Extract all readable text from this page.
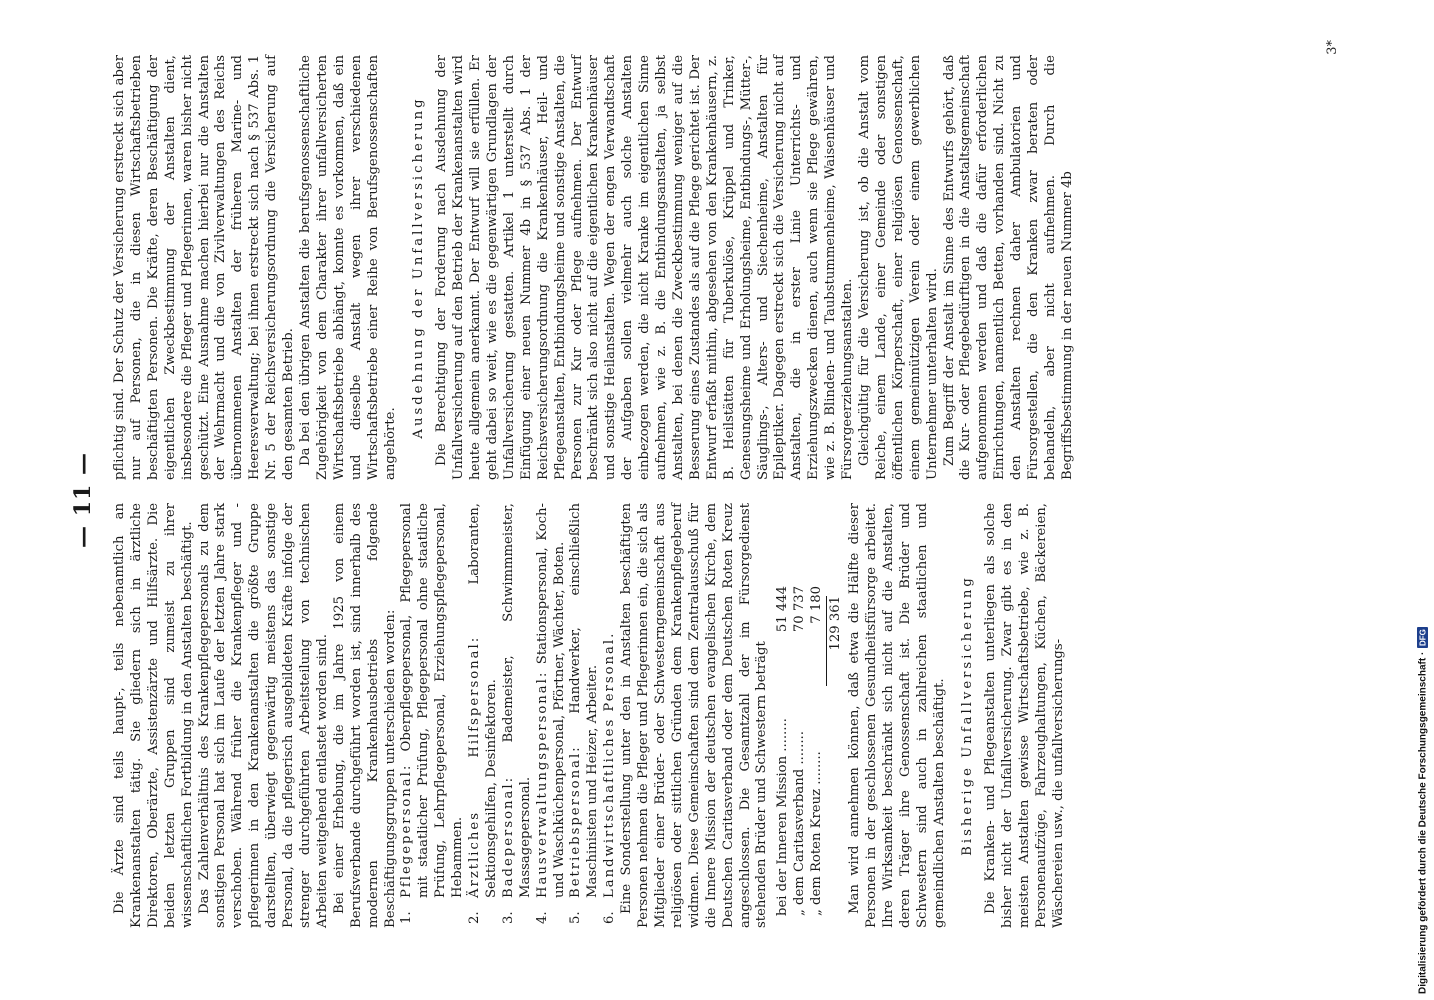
Digitalisierung gefördert durch die Deutsche Forschungsgemeinschaft ·
DFG
— 11 —

Die Ärzte sind teils haupt-, teils nebenamtlich an Krankenanstalten tätig. Sie gliedern sich in ärztliche Direktoren, Oberärzte, Assistenzärzte und Hilfsärzte. Die beiden letzten Gruppen sind zumeist zu ihrer wissenschaftlichen Fortbildung in den Anstalten beschäftigt. Das Zahlenverhältnis des Krankenpflegepersonals zu dem sonstigen Personal hat sich im Laufe der letzten Jahre stark verschoben. Während früher die Krankenpfleger und -pflegerinnen in den Krankenanstalten die größte Gruppe darstellten, überwiegt gegenwärtig meistens das sonstige Personal, da die pflegerisch ausgebildeten Kräfte infolge der strenger durchgeführten Arbeitsteilung von technischen Arbeiten weitgehend entlastet worden sind. Bei einer Erhebung, die im Jahre 1925 von einem Berufsverbande durchgeführt worden ist, sind innerhalb des modernen Krankenhausbetriebs folgende Beschäftigungsgruppen unterschieden worden: 1.
Pflegepersonal: Oberpflegepersonal, Pflegepersonal mit staatlicher Prüfung, Pflegepersonal ohne staatliche Prüfung, Lehrpflegepersonal, Erziehungspflegepersonal, Hebammen.
2.
Ärztliches Hilfspersonal: Laboranten, Sektionsgehilfen, Desinfektoren.
3.
Badepersonal: Bademeister, Schwimmmeister, Massagepersonal.
4.
Hausverwaltungspersonal: Stationspersonal, Koch- und Waschküchenpersonal, Pförtner, Wächter, Boten.
5.
Betriebspersonal: Handwerker, einschließlich Maschinisten und Heizer, Arbeiter.
6.
Landwirtschaftliches Personal. Eine Sonderstellung unter den in Anstalten beschäftigten Personen nehmen die Pfleger und Pflegerinnen ein, die sich als Mitglieder einer Brüder- oder Schwesterngemeinschaft aus religiösen oder sittlichen Gründen dem Krankenpflegeberuf widmen. Diese Gemeinschaften sind dem Zentralausschuß für die Innere Mission der deutschen evangelischen Kirche, dem Deutschen Caritasverband oder dem Deutschen Roten Kreuz angeschlossen. Die Gesamtzahl der im Fürsorgedienst stehenden Brüder und Schwestern beträgt bei der Inneren Mission ........
51 444
„ dem Caritasverband ........
70 737
„ dem Roten Kreuz ........
7 180 129 361 Man wird annehmen können, daß etwa die Hälfte dieser Personen in der geschlossenen Gesundheitsfürsorge arbeitet. Ihre Wirksamkeit beschränkt sich nicht auf die Anstalten, deren Träger ihre Genossenschaft ist. Die Brüder und Schwestern sind auch in zahlreichen staatlichen und gemeindlichen Anstalten beschäftigt. Bisherige Unfallversicherung Die Kranken- und Pflegeanstalten unterliegen als solche bisher nicht der Unfallversicherung. Zwar gibt es in den meisten Anstalten gewisse Wirtschaftsbetriebe, wie z. B. Personenaufzüge, Fahrzeughaltungen, Küchen, Bäckereien, Wäschereien usw., die unfallversicherungs-

pflichtig sind. Der Schutz der Versicherung erstreckt sich aber nur auf Personen, die in diesen Wirtschaftsbetrieben beschäftigten Personen. Die Kräfte, deren Beschäftigung der eigentlichen Zweckbestimmung der Anstalten dient, insbesondere die Pfleger und Pflegerinnen, waren bisher nicht geschützt. Eine Ausnahme machen hierbei nur die Anstalten der Wehrmacht und die von Zivilverwaltungen des Reichs übernommenen Anstalten der früheren Marine- und Heeresverwaltung; bei ihnen erstreckt sich nach § 537 Abs. 1 Nr. 5 der Reichsversicherungsordnung die Versicherung auf den gesamten Betrieb. Da bei den übrigen Anstalten die berufsgenossenschaftliche Zugehörigkeit von dem Charakter ihrer unfallversicherten Wirtschaftsbetriebe abhängt, konnte es vorkommen, daß ein und dieselbe Anstalt wegen ihrer verschiedenen Wirtschaftsbetriebe einer Reihe von Berufsgenossenschaften angehörte.

Ausdehnung der Unfallversicherung Die Berechtigung der Forderung nach Ausdehnung der Unfallversicherung auf den Betrieb der Krankenanstalten wird heute allgemein anerkannt. Der Entwurf will sie erfüllen. Er geht dabei so weit, wie es die gegenwärtigen Grundlagen der Unfallversicherung gestatten. Artikel 1 unterstellt durch Einfügung einer neuen Nummer 4b in § 537 Abs. 1 der Reichsversicherungsordnung die Krankenhäuser, Heil- und Pflegeanstalten, Entbindungsheime und sonstige Anstalten, die Personen zur Kur oder Pflege aufnehmen. Der Entwurf beschränkt sich also nicht auf die eigentlichen Krankenhäuser und sonstige Heilanstalten. Wegen der engen Verwandtschaft der Aufgaben sollen vielmehr auch solche Anstalten einbezogen werden, die nicht Kranke im eigentlichen Sinne aufnehmen, wie z. B. die Entbindungsanstalten, ja selbst Anstalten, bei denen die Zweckbestimmung weniger auf die Besserung eines Zustandes als auf die Pflege gerichtet ist. Der Entwurf erfaßt mithin, abgesehen von den Krankenhäusern, z. B. Heilstätten für Tuberkulöse, Krüppel und Trinker, Genesungsheime und Erholungsheime, Entbindungs-, Mütter-, Säuglings-, Alters- und Siechenheime, Anstalten für Epileptiker. Dagegen erstreckt sich die Versicherung nicht auf Anstalten, die in erster Linie Unterrichts- und Erziehungszwecken dienen, auch wenn sie Pflege gewähren, wie z. B. Blinden- und Taubstummenheime, Waisenhäuser und Fürsorgeerziehungsanstalten. Gleichgültig für die Versicherung ist, ob die Anstalt vom Reiche, einem Lande, einer Gemeinde oder sonstigen öffentlichen Körperschaft, einer religiösen Genossenschaft, einem gemeinnützigen Verein oder einem gewerblichen Unternehmer unterhalten wird. Zum Begriff der Anstalt im Sinne des Entwurfs gehört, daß die Kur- oder Pflegebedürftigen in die Anstaltsgemeinschaft aufgenommen werden und daß die dafür erforderlichen Einrichtungen, namentlich Betten, vorhanden sind. Nicht zu den Anstalten rechnen daher Ambulatorien und Fürsorgestellen, die den Kranken zwar beraten oder behandeln, aber nicht aufnehmen. Durch die Begriffsbestimmung in der neuen Nummer 4b

3*
